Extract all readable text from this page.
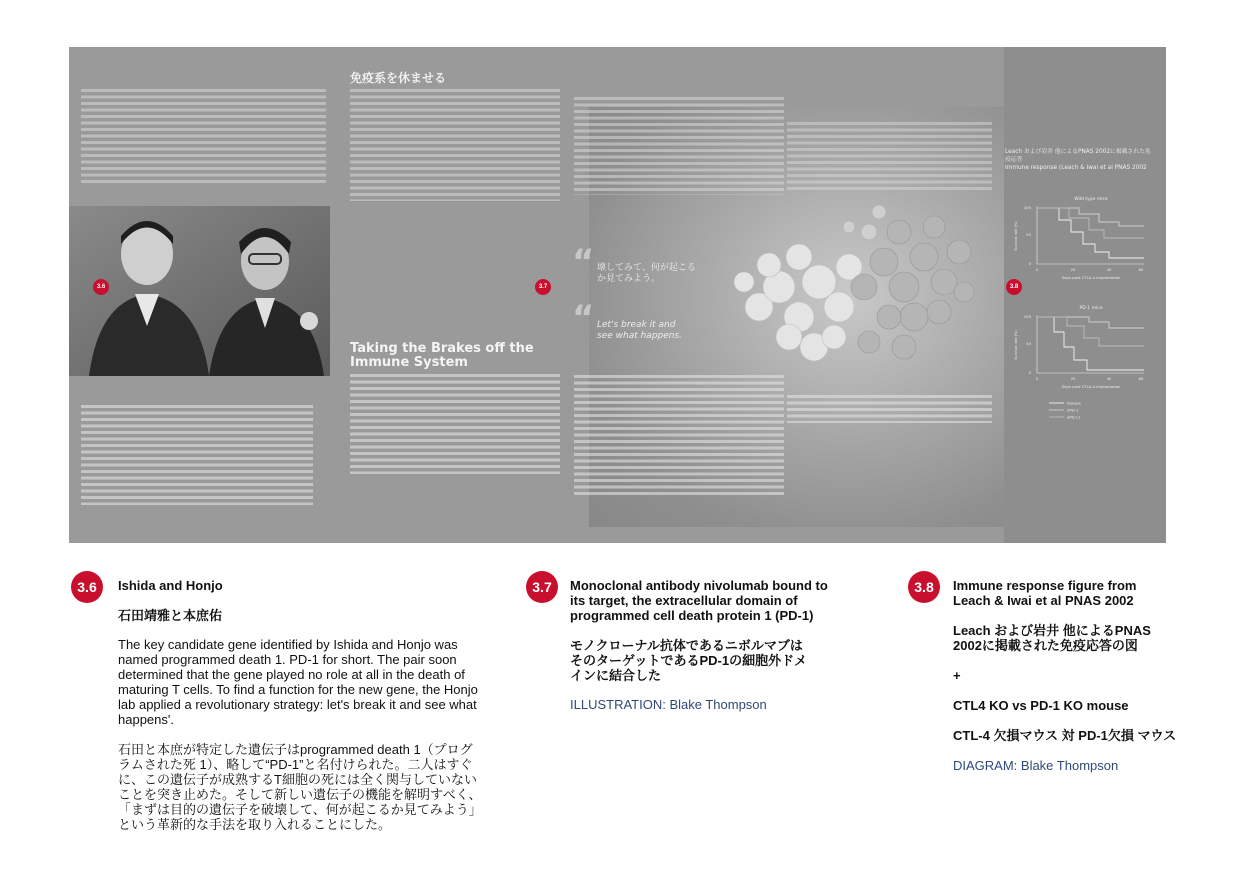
免疫系を休ませる
Taking the Brakes off the Immune System
“ 壊してみて、何が起こるか見てみよう。
“ Let's break it and see what happens.
Leach および岩井 他によるPNAS 2002に掲載された免疫応答
Immune response (Leach & Iwai et al PNAS 2002
Wild type mice
100
50
0
0	20	40	60
Survival rate (%)
Days post CTLA-4 implantation
PD-1 mice
100
50
0
0	20	40	60
Survival rate (%)
Days post CTLA-4 implantation
Isotype
αPD-1
αPD-L1
3.6	3.7	3.8
3.6	Ishida and Honjo
石田靖雅と本庶佑

The key candidate gene identified by Ishida and Honjo was named programmed death 1. PD-1 for short. The pair soon determined that the gene played no role at all in the death of maturing T cells. To find a function for the new gene, the Honjo lab applied a revolutionary strategy: let's break it and see what happens'.

石田と本庶が特定した遺伝子はprogrammed death 1（プログラムされた死 1）、略して“PD-1”と名付けられた。二人はすぐに、この遺伝子が成熟するT細胞の死には全く関与していないことを突き止めた。そして新しい遺伝子の機能を解明すべく、「まずは目的の遺伝子を破壊して、何が起こるか見てみよう」という革新的な手法を取り入れることにした。

3.7	Monoclonal antibody nivolumab bound to its target, the extracellular domain of programmed cell death protein 1 (PD-1)
モノクローナル抗体であるニボルマブはそのターゲットであるPD-1の細胞外ドメインに結合した
ILLUSTRATION: Blake Thompson
3.8	Immune response figure from Leach & Iwai et al PNAS 2002
Leach および岩井 他によるPNAS 2002に掲載された免疫応答の図
+
CTL4 KO vs PD-1 KO mouse
CTL-4 欠損マウス 対 PD-1欠損 マウス
DIAGRAM: Blake Thompson
